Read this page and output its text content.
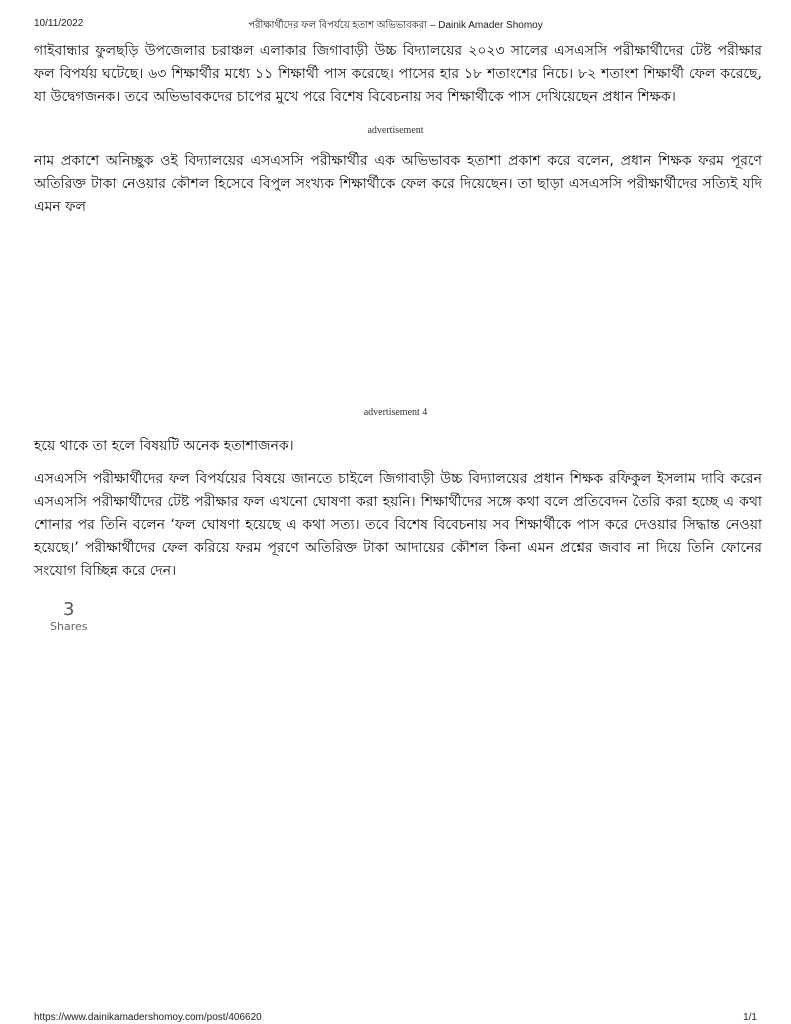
10/11/2022	পরীক্ষার্থীদের ফল বিপর্যয়ে হতাশ অভিভাবকরা – Dainik Amader Shomoy

গাইবান্ধার ফুলছড়ি উপজেলার চরাঞ্চল এলাকার জিগাবাড়ী উচ্চ বিদ্যালয়ের ২০২৩ সালের এসএসসি পরীক্ষার্থীদের টেষ্ট পরীক্ষার ফল বিপর্যয় ঘটেছে। ৬৩ শিক্ষার্থীর মধ্যে ১১ শিক্ষার্থী পাস করেছে। পাসের হার ১৮ শতাংশের নিচে। ৮২ শতাংশ শিক্ষার্থী ফেল করেছে, যা উদ্বেগজনক। তবে অভিভাবকদের চাপের মুখে পরে বিশেষ বিবেচনায় সব শিক্ষার্থীকে পাস দেখিয়েছেন প্রধান শিক্ষক।

advertisement

নাম প্রকাশে অনিচ্ছুক ওই বিদ্যালয়ের এসএসসি পরীক্ষার্থীর এক অভিভাবক হতাশা প্রকাশ করে বলেন, প্রধান শিক্ষক ফরম পূরণে অতিরিক্ত টাকা নেওয়ার কৌশল হিসেবে বিপুল সংখ্যক শিক্ষার্থীকে ফেল করে দিয়েছেন। তা ছাড়া এসএসসি পরীক্ষার্থীদের সত্যিই যদি এমন ফল

advertisement 4

হয়ে থাকে তা হলে বিষয়টি অনেক হতাশাজনক।

এসএসসি পরীক্ষার্থীদের ফল বিপর্যয়ের বিষয়ে জানতে চাইলে জিগাবাড়ী উচ্চ বিদ্যালয়ের প্রধান শিক্ষক রফিকুল ইসলাম দাবি করেন এসএসসি পরীক্ষার্থীদের টেষ্ট পরীক্ষার ফল এখনো ঘোষণা করা হয়নি। শিক্ষার্থীদের সঙ্গে কথা বলে প্রতিবেদন তৈরি করা হচ্ছে এ কথা শোনার পর তিনি বলেন ‘ফল ঘোষণা হয়েছে এ কথা সত্য। তবে বিশেষ বিবেচনায় সব শিক্ষার্থীকে পাস করে দেওয়ার সিদ্ধান্ত নেওয়া হয়েছে।’ পরীক্ষার্থীদের ফেল করিয়ে ফরম পূরণে অতিরিক্ত টাকা আদায়ের কৌশল কিনা এমন প্রশ্নের জবাব না দিয়ে তিনি ফোনের সংযোগ বিচ্ছিন্ন করে দেন।

3
Shares
https://www.dainikamadershomoy.com/post/406620	1/1
